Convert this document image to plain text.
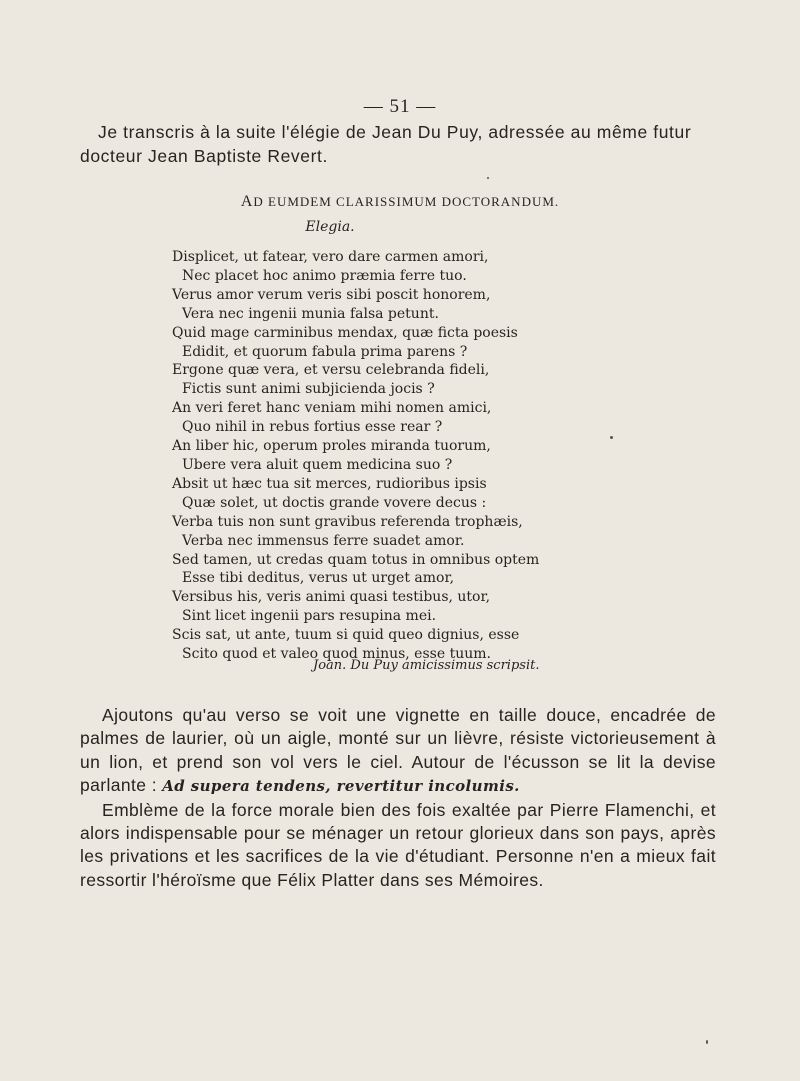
— 51 —

Je transcris à la suite l'élégie de Jean Du Puy, adressée au même futur

docteur Jean Baptiste Revert.
AD EUMDEM CLARISSIMUM DOCTORANDUM.
Elegia.
Displicet, ut fatear, vero dare carmen amori,
Nec placet hoc animo præmia ferre tuo.
Verus amor verum veris sibi poscit honorem,
Vera nec ingenii munia falsa petunt.
Quid mage carminibus mendax, quæ ficta poesis
Edidit, et quorum fabula prima parens ?
Ergone quæ vera, et versu celebranda fideli,
Fictis sunt animi subjicienda jocis ?
An veri feret hanc veniam mihi nomen amici,
Quo nihil in rebus fortius esse rear ?
An liber hic, operum proles miranda tuorum,
Ubere vera aluit quem medicina suo ?
Absit ut hæc tua sit merces, rudioribus ipsis
Quæ solet, ut doctis grande vovere decus :
Verba tuis non sunt gravibus referenda trophæis,
Verba nec immensus ferre suadet amor.
Sed tamen, ut credas quam totus in omnibus optem
Esse tibi deditus, verus ut urget amor,
Versibus his, veris animi quasi testibus, utor,
Sint licet ingenii pars resupina mei.
Scis sat, ut ante, tuum si quid queo dignius, esse
Scito quod et valeo quod minus, esse tuum.
Joan. Du Puy amicissimus scripsit.

Ajoutons qu'au verso se voit une vignette en taille douce, encadrée de palmes de laurier, où un aigle, monté sur un lièvre, résiste victorieusement à un lion, et prend son vol vers le ciel. Autour de l'écusson se lit la devise parlante : Ad supera tendens, revertitur incolumis.

Emblème de la force morale bien des fois exaltée par Pierre Flamenchi, et alors indispensable pour se ménager un retour glorieux dans son pays, après les privations et les sacrifices de la vie d'étudiant. Personne n'en a mieux fait ressortir l'héroïsme que Félix Platter dans ses Mémoires.
